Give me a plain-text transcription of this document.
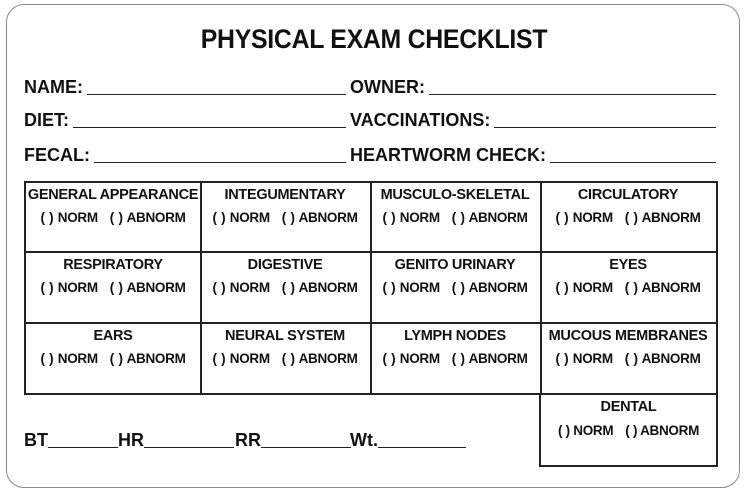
PHYSICAL EXAM CHECKLIST
NAME:	OWNER:
DIET:	VACCINATIONS:
FECAL:	HEARTWORM CHECK:
GENERAL APPEARANCE
( ) NORM ( ) ABNORM
INTEGUMENTARY
( ) NORM ( ) ABNORM
MUSCULO-SKELETAL
( ) NORM ( ) ABNORM
CIRCULATORY
( ) NORM ( ) ABNORM
RESPIRATORY
( ) NORM ( ) ABNORM
DIGESTIVE
( ) NORM ( ) ABNORM
GENITO URINARY
( ) NORM ( ) ABNORM
EYES
( ) NORM ( ) ABNORM
EARS
( ) NORM ( ) ABNORM
NEURAL SYSTEM
( ) NORM ( ) ABNORM
LYMPH NODES
( ) NORM ( ) ABNORM
MUCOUS MEMBRANES
( ) NORM ( ) ABNORM
DENTAL
( ) NORM ( ) ABNORM
BT	HR	RR	Wt.
